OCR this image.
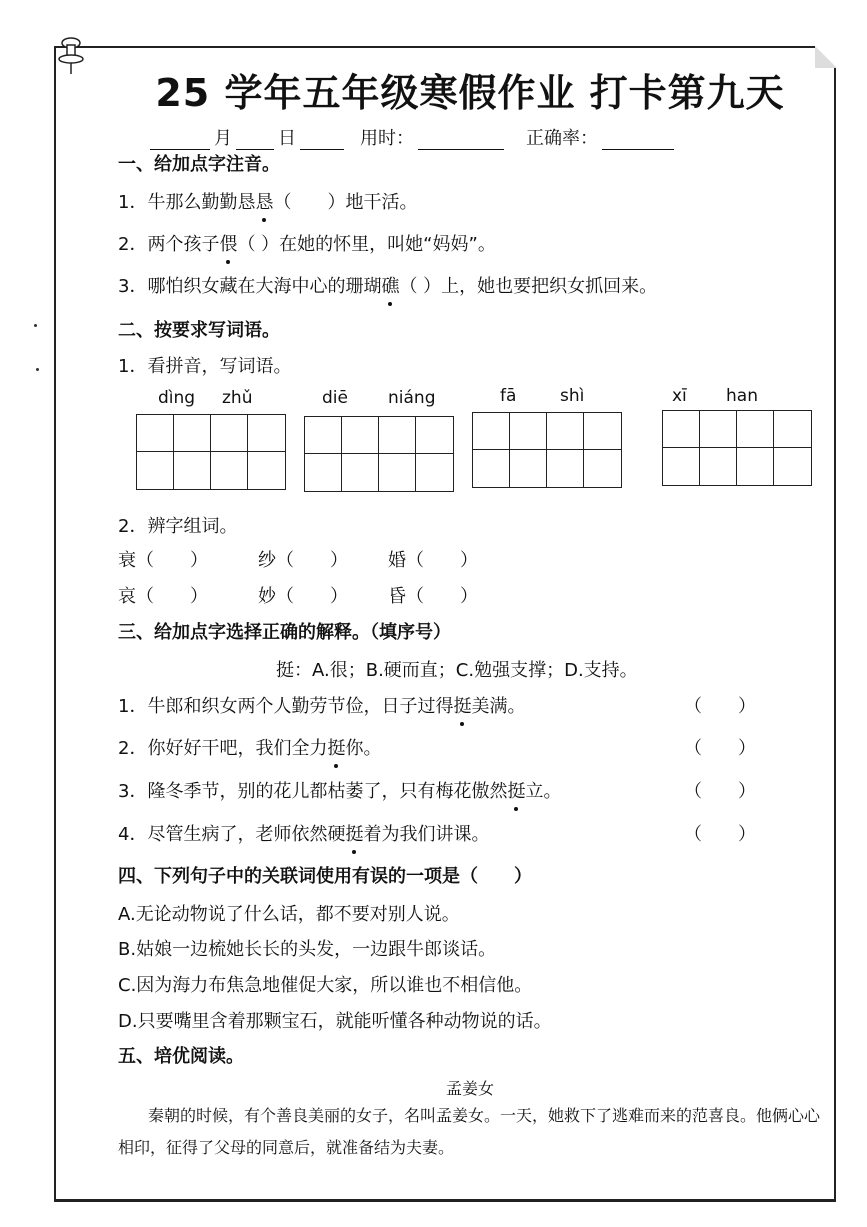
25 学年五年级寒假作业 打卡第九天
月	日	用时：	正确率：
一、给加点字注音。
1．牛那么勤勤恳恳（　　）地干活。
2．两个孩子偎（ ）在她的怀里，叫她“妈妈”。
3．哪怕织女藏在大海中心的珊瑚礁（ ）上，她也要把织女抓回来。
二、按要求写词语。
1．看拼音，写词语。
dìng zhǔ	diē niáng	fā	shì	xī han
2．辨字组词。
衰（　　）	纱（　　） 婚（　　）
哀（　　）	妙（　　） 昏（　　）
三、给加点字选择正确的解释。（填序号）
挺：A.很；B.硬而直；C.勉强支撑；D.支持。
1．牛郎和织女两个人勤劳节俭，日子过得挺美满。	（　　）
2．你好好干吧，我们全力挺你。	（　　）
3．隆冬季节，别的花儿都枯萎了，只有梅花傲然挺立。	（　　）
4．尽管生病了，老师依然硬挺着为我们讲课。	（　　）
四、下列句子中的关联词使用有误的一项是（　　）
A.无论动物说了什么话，都不要对别人说。
B.姑娘一边梳她长长的头发，一边跟牛郎谈话。
C.因为海力布焦急地催促大家，所以谁也不相信他。
D.只要嘴里含着那颗宝石，就能听懂各种动物说的话。
五、培优阅读。
孟姜女
秦朝的时候，有个善良美丽的女子，名叫孟姜女。一天，她救下了逃难而来的范喜良。他俩心心相印，征得了父母的同意后，就准备结为夫妻。
